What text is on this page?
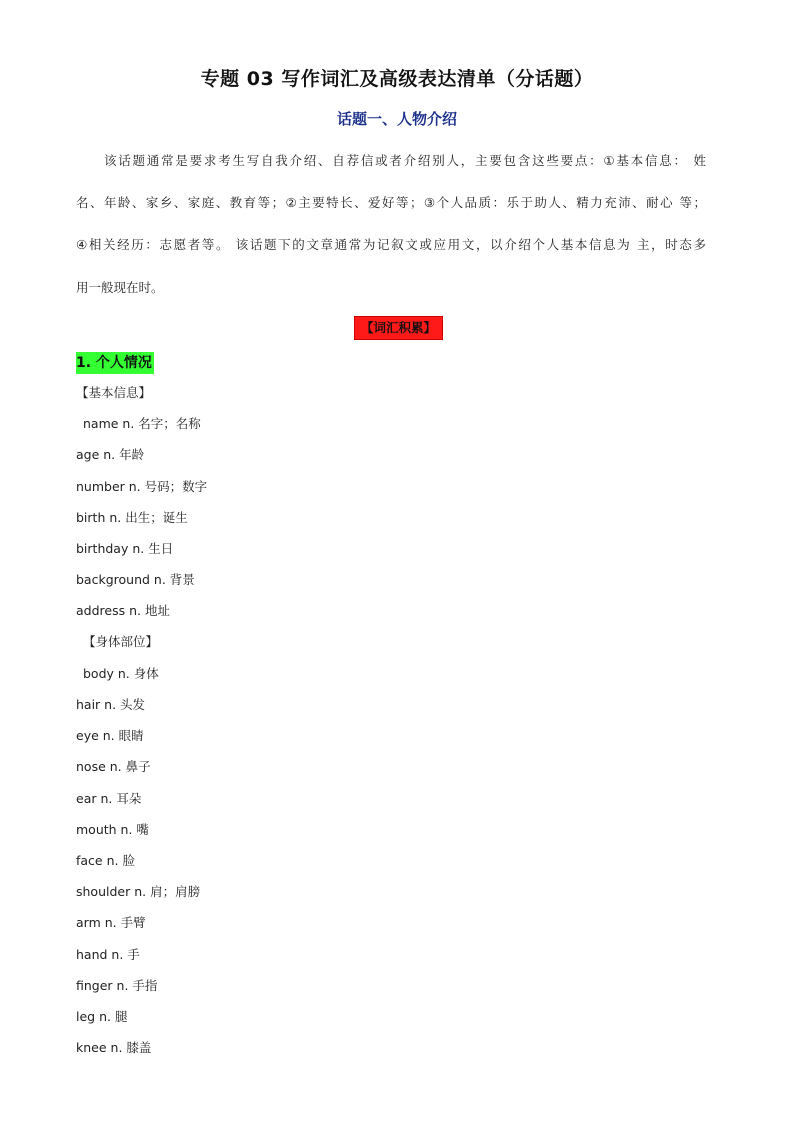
专题 03 写作词汇及高级表达清单（分话题）
话题一、人物介绍
该话题通常是要求考生写自我介绍、自荐信或者介绍别人，主要包含这些要点：①基本信息： 姓
名、年龄、家乡、家庭、教育等；②主要特长、爱好等；③个人品质：乐于助人、精力充沛、耐心 等；
④相关经历：志愿者等。 该话题下的文章通常为记叙文或应用文，以介绍个人基本信息为 主，时态多
用一般现在时。
【词汇积累】
1. 个人情况
【基本信息】
name n. 名字；名称
age n. 年龄
number n. 号码；数字
birth n. 出生；诞生
birthday n. 生日
background n. 背景
address n. 地址
【身体部位】
body n. 身体
hair n. 头发
eye n. 眼睛
nose n. 鼻子
ear n. 耳朵
mouth n. 嘴
face n. 脸
shoulder n. 肩；肩膀
arm n. 手臂
hand n. 手
finger n. 手指
leg n. 腿
knee n. 膝盖
